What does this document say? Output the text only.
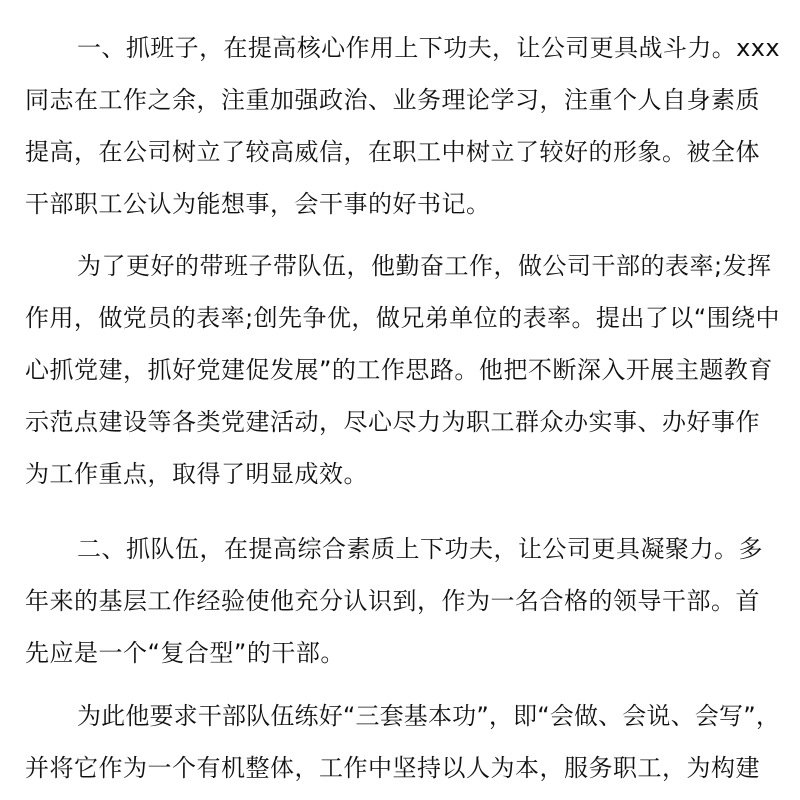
一、抓班子，在提高核心作用上下功夫，让公司更具战斗力。xxx
同志在工作之余，注重加强政治、业务理论学习，注重个人自身素质
提高，在公司树立了较高威信，在职工中树立了较好的形象。被全体
干部职工公认为能想事，会干事的好书记。

为了更好的带班子带队伍，他勤奋工作，做公司干部的表率;发挥
作用，做党员的表率;创先争优，做兄弟单位的表率。提出了以“围绕中
心抓党建，抓好党建促发展”的工作思路。他把不断深入开展主题教育
示范点建设等各类党建活动，尽心尽力为职工群众办实事、办好事作
为工作重点，取得了明显成效。

二、抓队伍，在提高综合素质上下功夫，让公司更具凝聚力。多
年来的基层工作经验使他充分认识到，作为一名合格的领导干部。首
先应是一个“复合型”的干部。

为此他要求干部队伍练好“三套基本功”，即“会做、会说、会写”，
并将它作为一个有机整体，工作中坚持以人为本，服务职工，为构建
